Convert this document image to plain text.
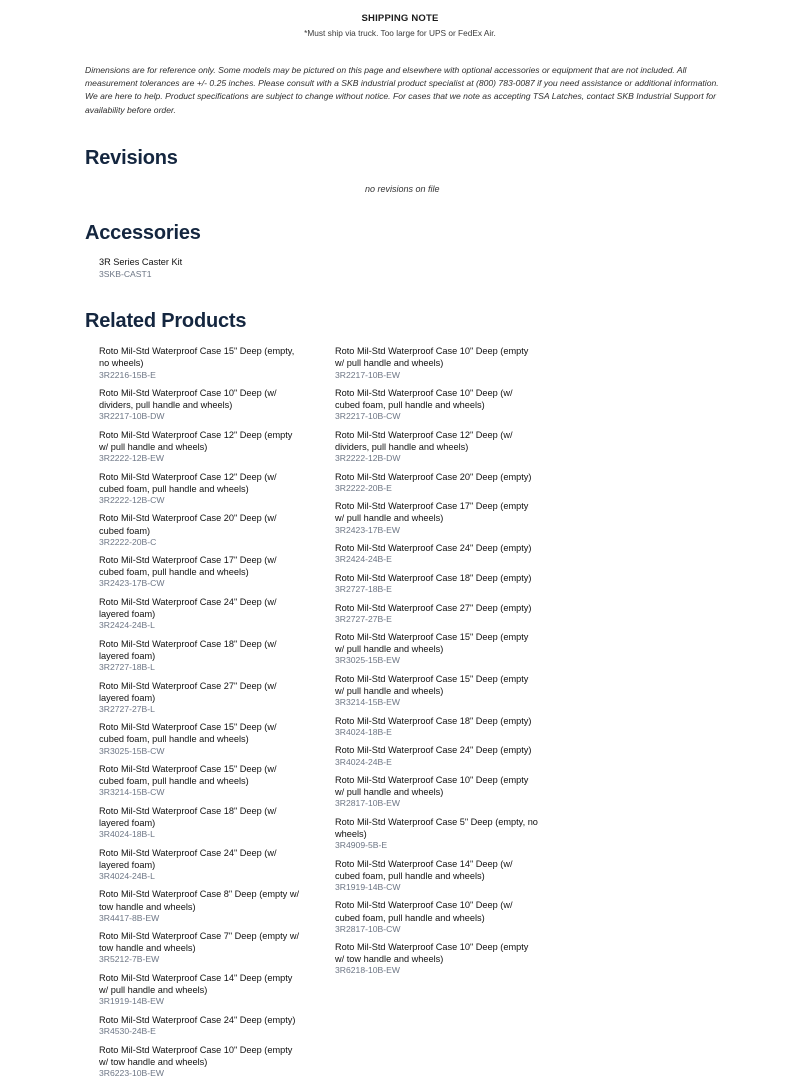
SHIPPING NOTE
*Must ship via truck. Too large for UPS or FedEx Air.
Dimensions are for reference only. Some models may be pictured on this page and elsewhere with optional accessories or equipment that are not included. All measurement tolerances are +/- 0.25 inches. Please consult with a SKB industrial product specialist at (800) 783-0087 if you need assistance or additional information. We are here to help. Product specifications are subject to change without notice. For cases that we note as accepting TSA Latches, contact SKB Industrial Support for availability before order.
Revisions
no revisions on file
Accessories
3R Series Caster Kit
3SKB-CAST1
Related Products
Roto Mil-Std Waterproof Case 15" Deep (empty, no wheels)
3R2216-15B-E
Roto Mil-Std Waterproof Case 10" Deep (w/ dividers, pull handle and wheels)
3R2217-10B-DW
Roto Mil-Std Waterproof Case 12" Deep (empty w/ pull handle and wheels)
3R2222-12B-EW
Roto Mil-Std Waterproof Case 12" Deep (w/ cubed foam, pull handle and wheels)
3R2222-12B-CW
Roto Mil-Std Waterproof Case 20" Deep (w/ cubed foam)
3R2222-20B-C
Roto Mil-Std Waterproof Case 17" Deep (w/ cubed foam, pull handle and wheels)
3R2423-17B-CW
Roto Mil-Std Waterproof Case 24" Deep (w/ layered foam)
3R2424-24B-L
Roto Mil-Std Waterproof Case 18" Deep (w/ layered foam)
3R2727-18B-L
Roto Mil-Std Waterproof Case 27" Deep (w/ layered foam)
3R2727-27B-L
Roto Mil-Std Waterproof Case 15" Deep (w/ cubed foam, pull handle and wheels)
3R3025-15B-CW
Roto Mil-Std Waterproof Case 15" Deep (w/ cubed foam, pull handle and wheels)
3R3214-15B-CW
Roto Mil-Std Waterproof Case 18" Deep (w/ layered foam)
3R4024-18B-L
Roto Mil-Std Waterproof Case 24" Deep (w/ layered foam)
3R4024-24B-L
Roto Mil-Std Waterproof Case 8" Deep (empty w/ tow handle and wheels)
3R4417-8B-EW
Roto Mil-Std Waterproof Case 7" Deep (empty w/ tow handle and wheels)
3R5212-7B-EW
Roto Mil-Std Waterproof Case 14" Deep (empty w/ pull handle and wheels)
3R1919-14B-EW
Roto Mil-Std Waterproof Case 24" Deep (empty)
3R4530-24B-E
Roto Mil-Std Waterproof Case 10" Deep (empty w/ tow handle and wheels)
3R6223-10B-EW
Roto Mil-Std Waterproof Case 10" Deep (empty w/ pull handle and wheels)
3R2217-10B-EW
Roto Mil-Std Waterproof Case 10" Deep (w/ cubed foam, pull handle and wheels)
3R2217-10B-CW
Roto Mil-Std Waterproof Case 12" Deep (w/ dividers, pull handle and wheels)
3R2222-12B-DW
Roto Mil-Std Waterproof Case 20" Deep (empty)
3R2222-20B-E
Roto Mil-Std Waterproof Case 17" Deep (empty w/ pull handle and wheels)
3R2423-17B-EW
Roto Mil-Std Waterproof Case 24" Deep (empty)
3R2424-24B-E
Roto Mil-Std Waterproof Case 18" Deep (empty)
3R2727-18B-E
Roto Mil-Std Waterproof Case 27" Deep (empty)
3R2727-27B-E
Roto Mil-Std Waterproof Case 15" Deep (empty w/ pull handle and wheels)
3R3025-15B-EW
Roto Mil-Std Waterproof Case 15" Deep (empty w/ pull handle and wheels)
3R3214-15B-EW
Roto Mil-Std Waterproof Case 18" Deep (empty)
3R4024-18B-E
Roto Mil-Std Waterproof Case 24" Deep (empty)
3R4024-24B-E
Roto Mil-Std Waterproof Case 10" Deep (empty w/ pull handle and wheels)
3R2817-10B-EW
Roto Mil-Std Waterproof Case 5" Deep (empty, no wheels)
3R4909-5B-E
Roto Mil-Std Waterproof Case 14" Deep (w/ cubed foam, pull handle and wheels)
3R1919-14B-CW
Roto Mil-Std Waterproof Case 10" Deep (w/ cubed foam, pull handle and wheels)
3R2817-10B-CW
Roto Mil-Std Waterproof Case 10" Deep (empty w/ tow handle and wheels)
3R6218-10B-EW
